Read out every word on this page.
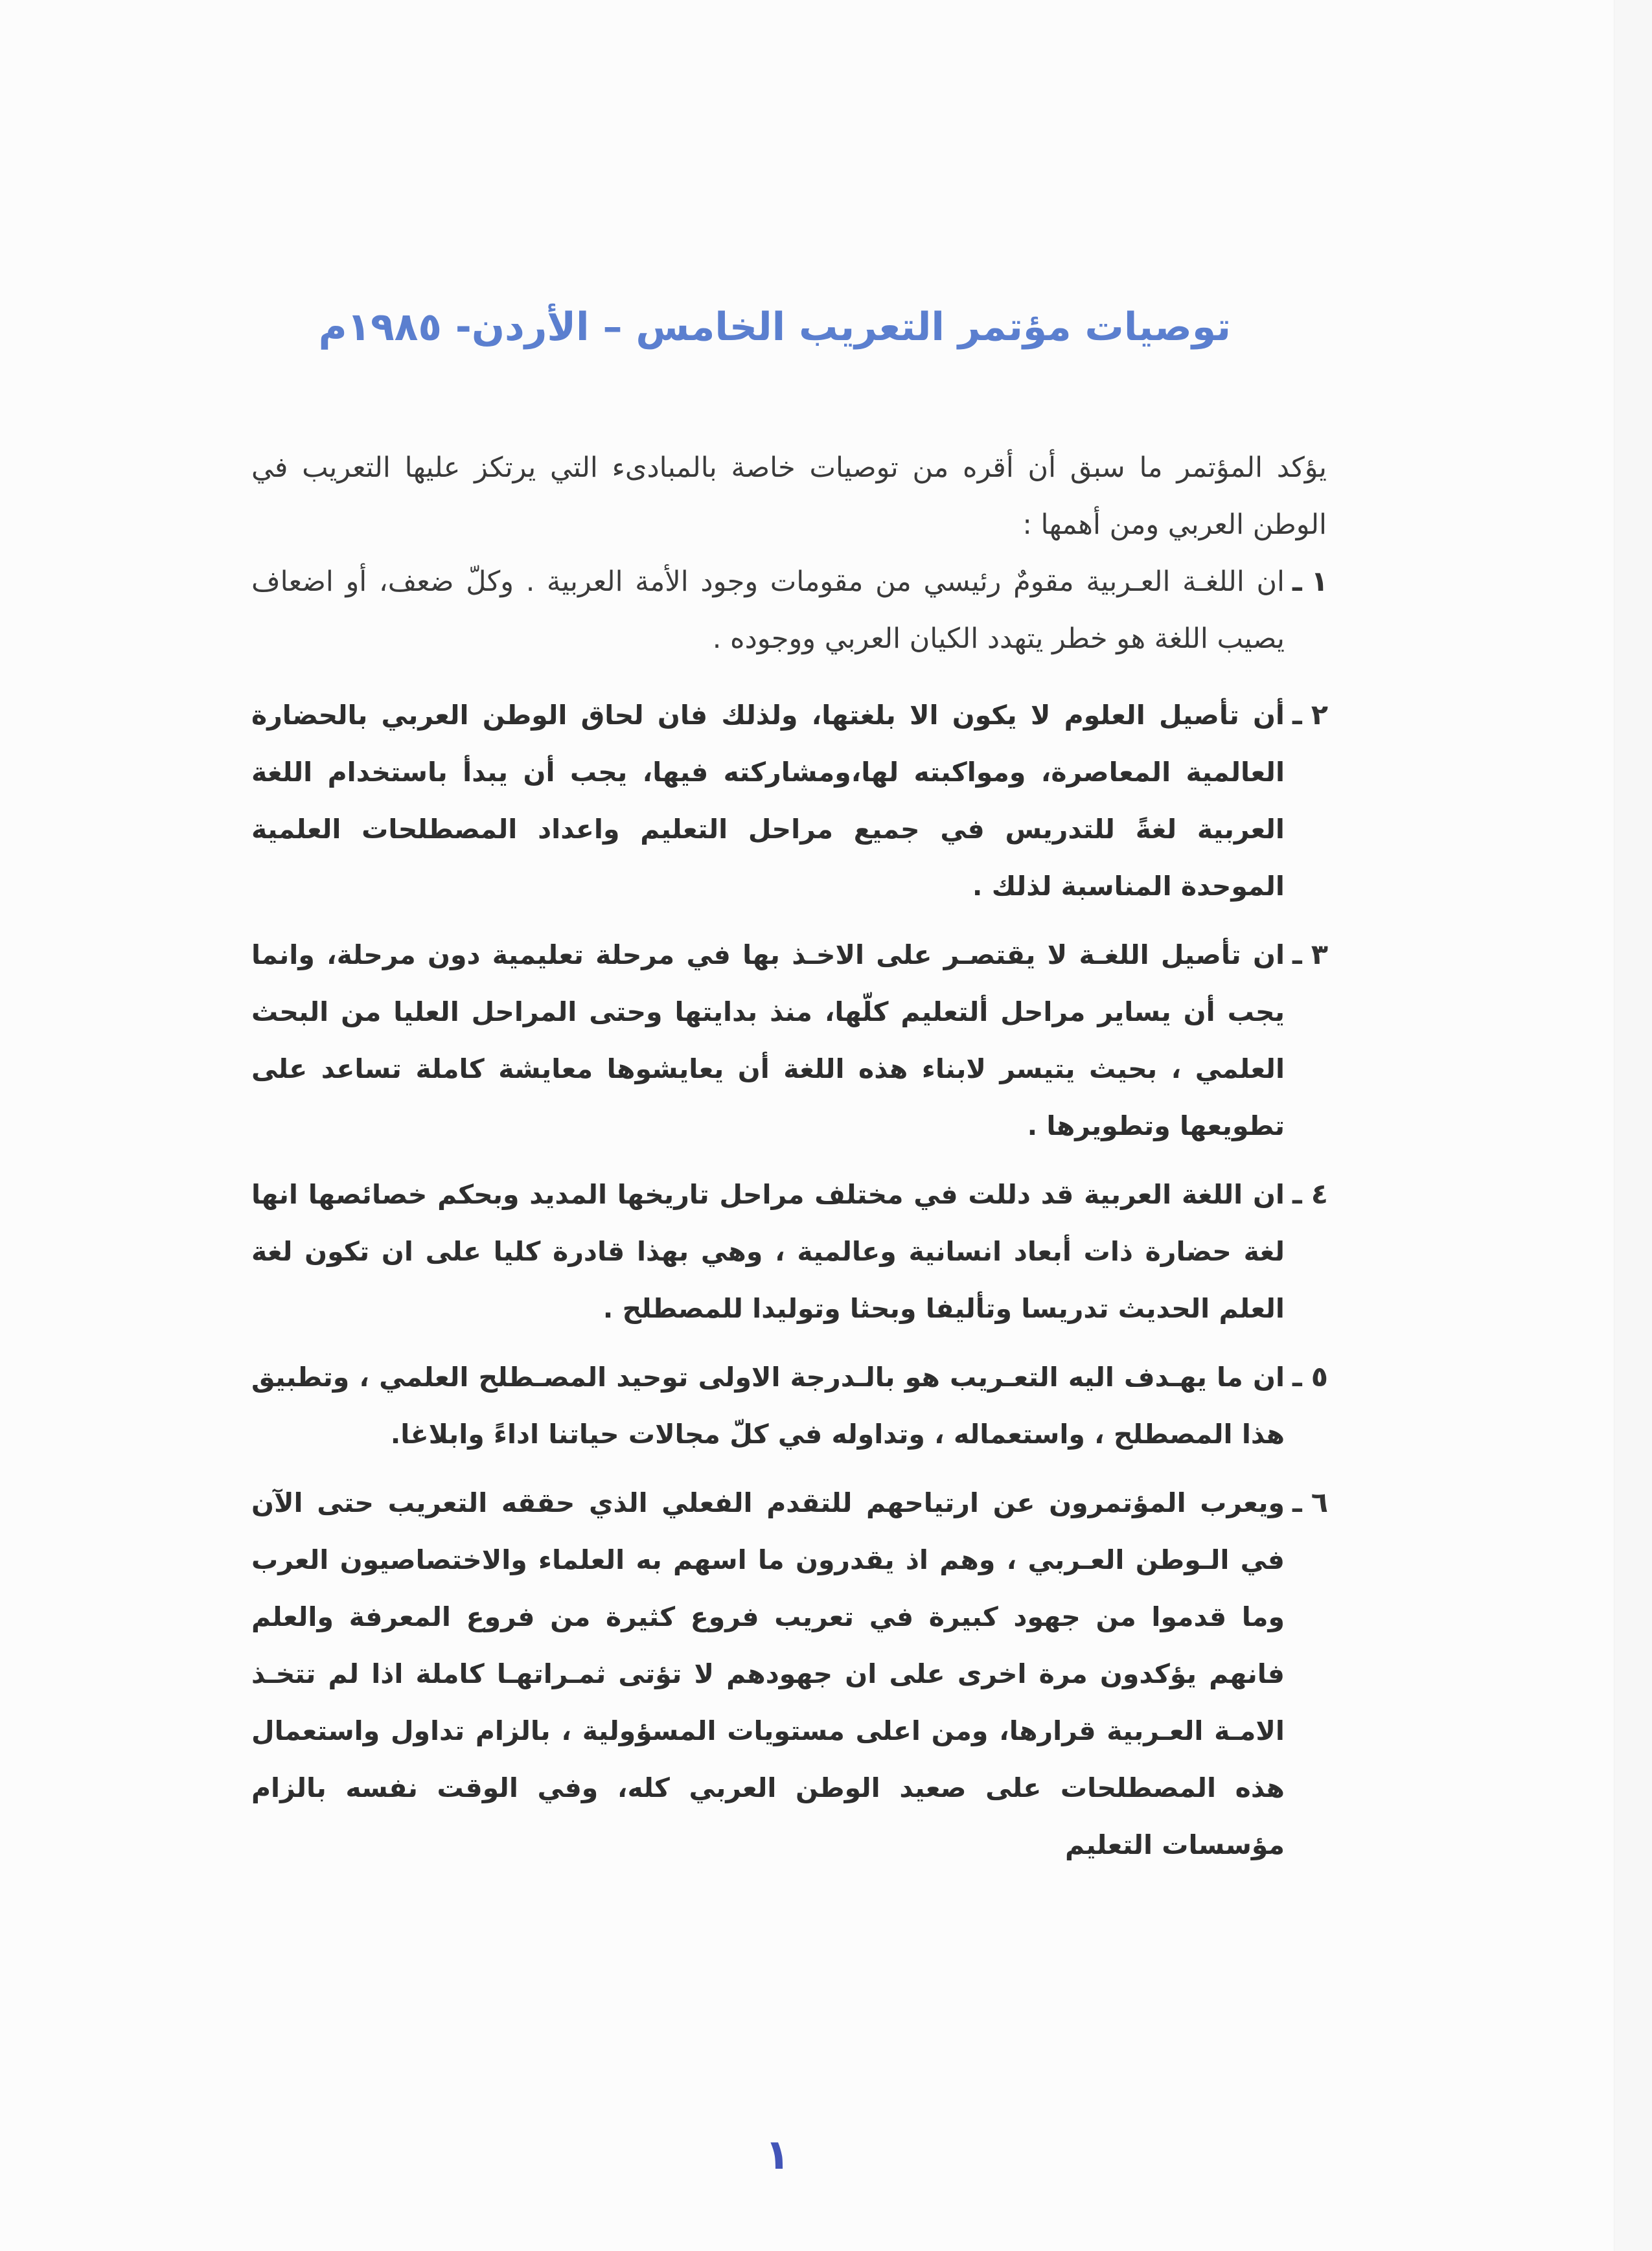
توصيات مؤتمر التعريب الخامس – الأردن- ١٩٨٥م

يؤكد المؤتمر ما سبق أن أقره من توصيات خاصة بالمبادىء التي يرتكز عليها التعريب في الوطن العربي ومن أهمها :

١ـ
ان اللغـة العـربية مقومٌ رئيسي من مقومات وجود الأمة العربية . وكلّ ضعف، أو اضعاف يصيب اللغة هو خطر يتهدد الكيان العربي ووجوده .
٢ـ
أن تأصيل العلوم لا يكون الا بلغتها، ولذلك فان لحاق الوطن العربي بالحضارة العالمية المعاصرة، ومواكبته لها،ومشاركته فيها، يجب أن يبدأ باستخدام اللغة العربية لغةً للتدريس في جميع مراحل التعليم واعداد المصطلحات العلمية الموحدة المناسبة لذلك .
٣ـ
ان تأصيل اللغـة لا يقتصـر على الاخـذ بها في مرحلة تعليمية دون مرحلة، وانما يجب أن يساير مراحل ألتعليم كلّها، منذ بدايتها وحتى المراحل العليا من البحث العلمي ، بحيث يتيسر لابناء هذه اللغة أن يعايشوها معايشة كاملة تساعد على تطويعها وتطويرها .
٤ـ
ان اللغة العربية قد دللت في مختلف مراحل تاريخها المديد وبحكم خصائصها انها لغة حضارة ذات أبعاد انسانية وعالمية ، وهي بهذا قادرة كليا على ان تكون لغة العلم الحديث تدريسا وتأليفا وبحثا وتوليدا للمصطلح .
٥ـ
ان ما يهـدف اليه التعـريب هو بالـدرجة الاولى توحيد المصـطلح العلمي ، وتطبيق هذا المصطلح ، واستعماله ، وتداوله في كلّ مجالات حياتنا اداءً وابلاغا.
٦ـ
ويعرب المؤتمرون عن ارتياحهم للتقدم الفعلي الذي حققه التعريب حتى الآن في الـوطن العـربي ، وهم اذ يقدرون ما اسهم به العلماء والاختصاصيون العرب وما قدموا من جهود كبيرة في تعريب فروع كثيرة من فروع المعرفة والعلم فانهم يؤكدون مرة اخرى على ان جهودهم لا تؤتى ثمـراتهـا كاملة اذا لم تتخـذ الامـة العـربية قرارها، ومن اعلى مستويات المسؤولية ، بالزام تداول واستعمال هذه المصطلحات على صعيد الوطن العربي كله، وفي الوقت نفسه بالزام مؤسسات التعليم
١
